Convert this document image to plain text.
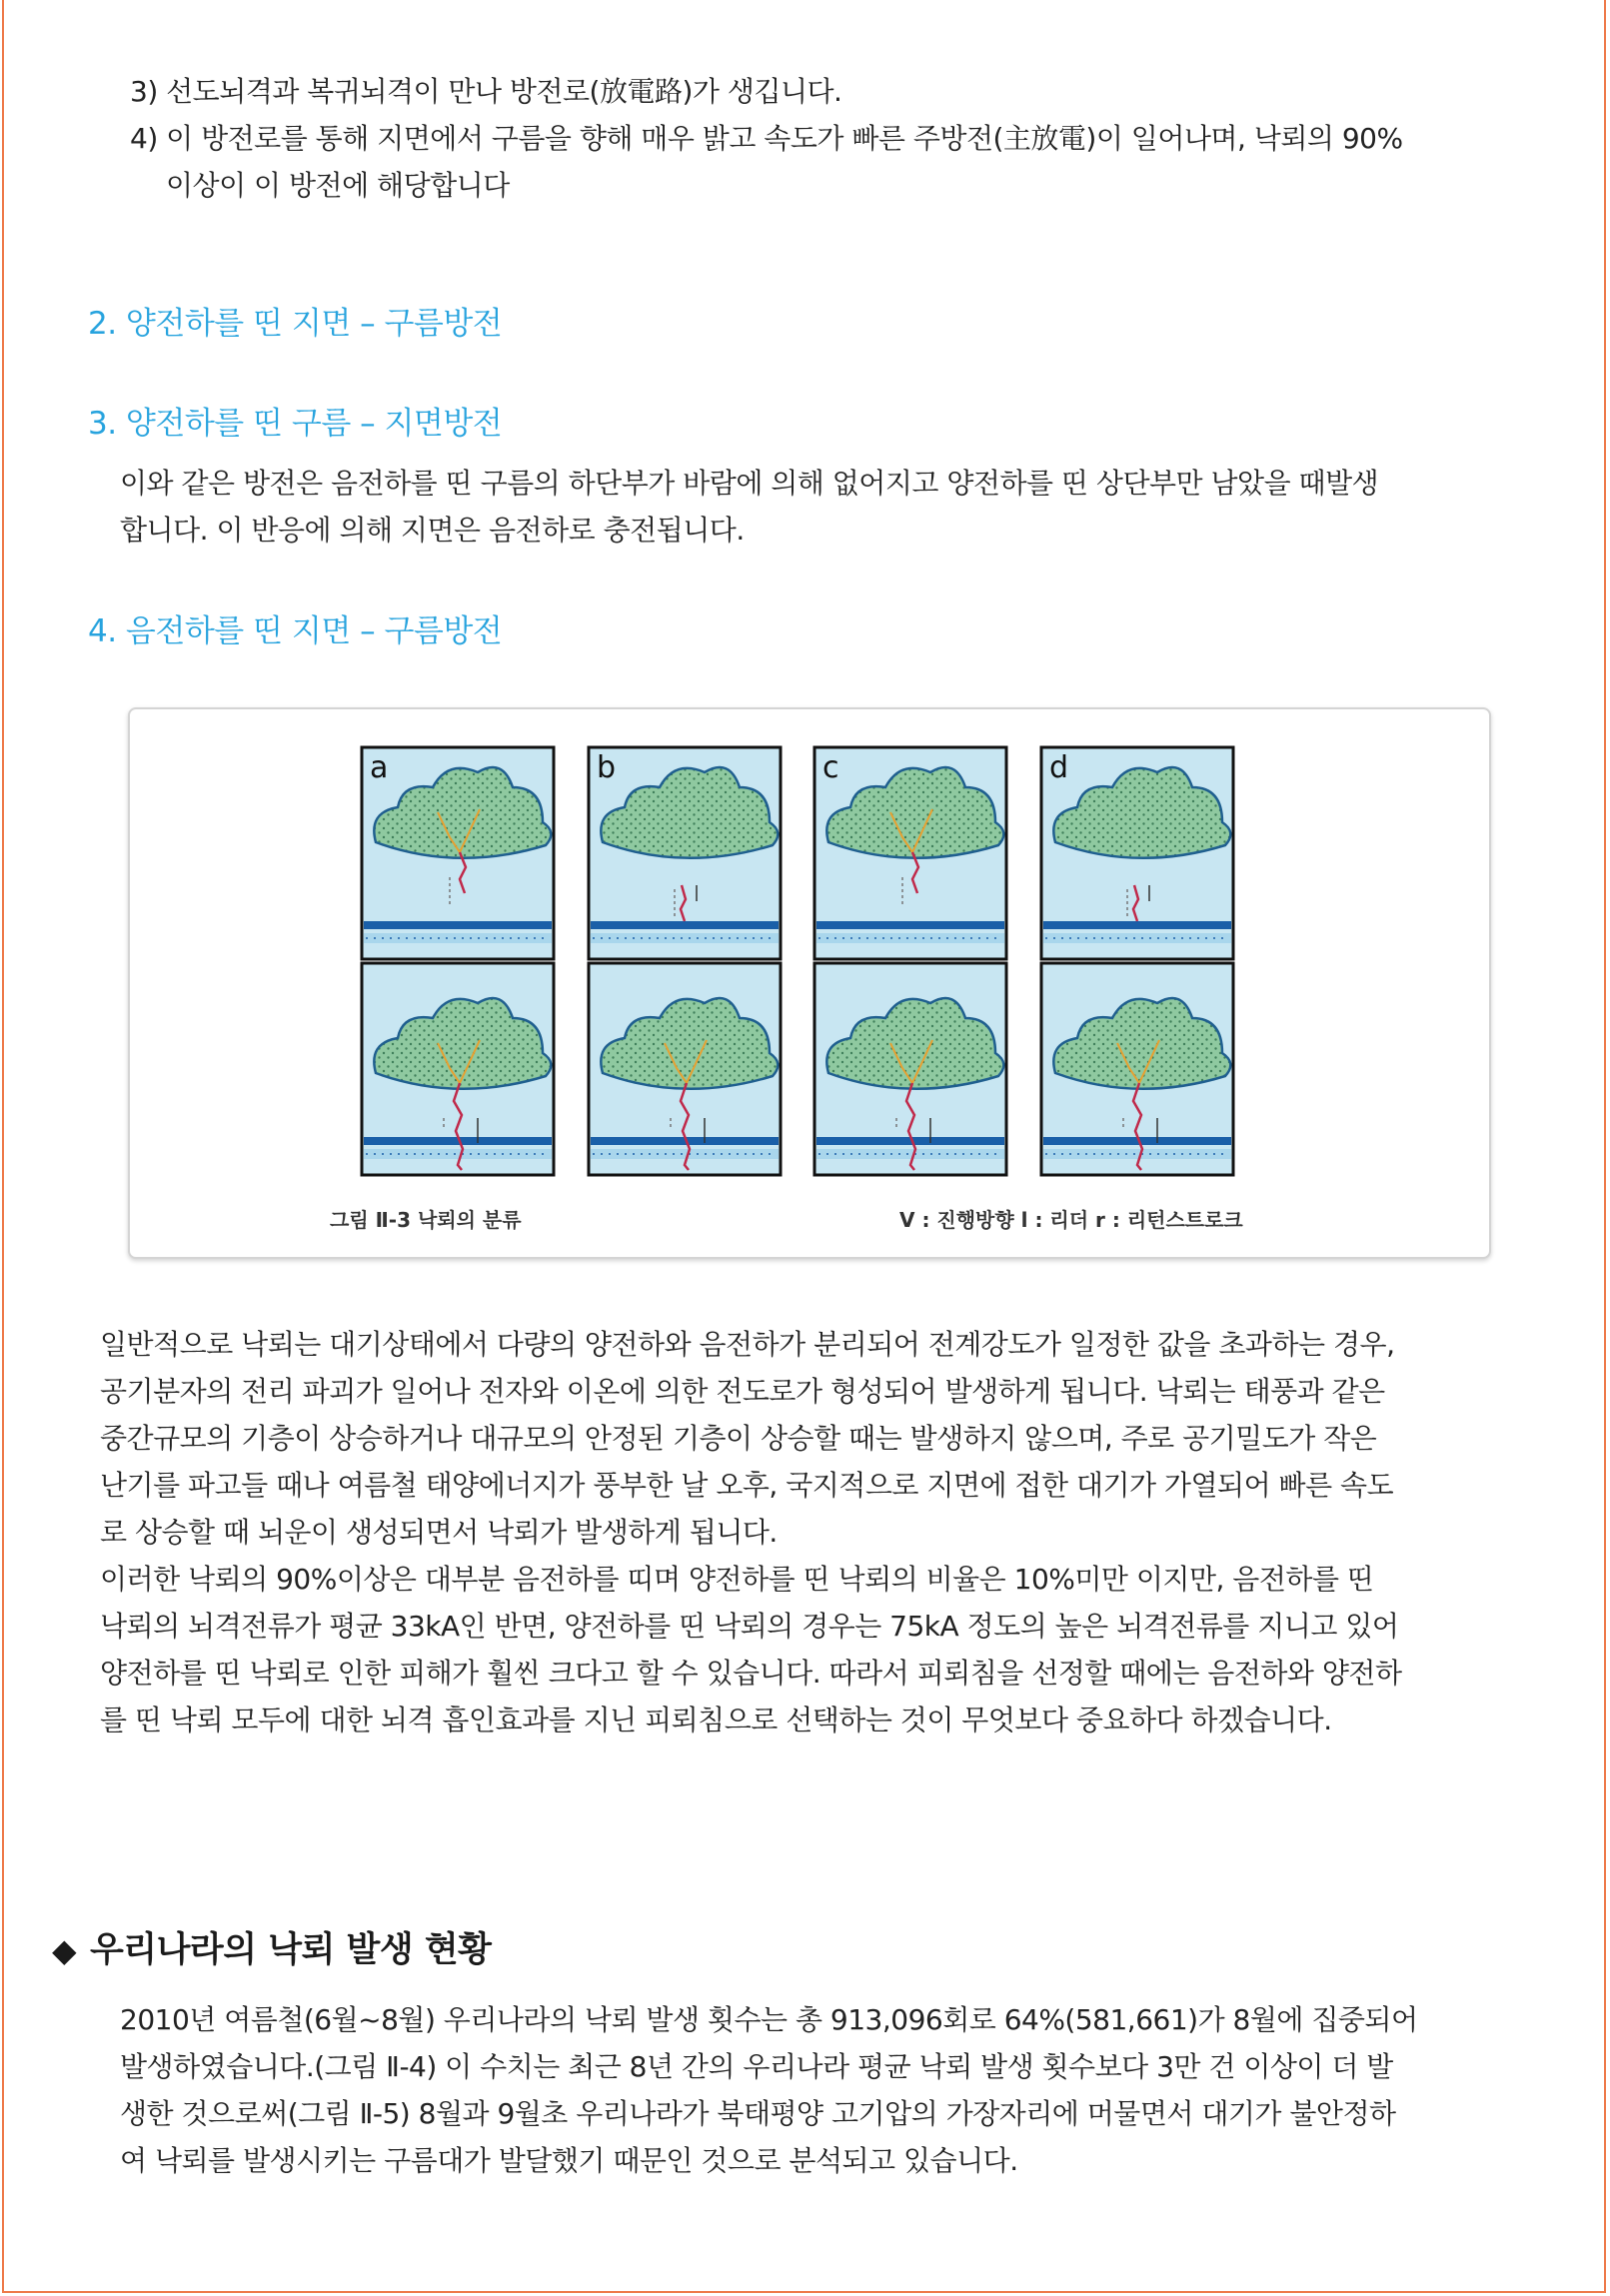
3) 선도뇌격과 복귀뇌격이 만나 방전로(放電路)가 생깁니다.
4) 이 방전로를 통해 지면에서 구름을 향해 매우 밝고 속도가 빠른 주방전(主放電)이 일어나며, 낙뢰의 90%
이상이 이 방전에 해당합니다

2. 양전하를 띤 지면 – 구름방전

3. 양전하를 띤 구름 – 지면방전

이와 같은 방전은 음전하를 띤 구름의 하단부가 바람에 의해 없어지고 양전하를 띤 상단부만 남았을 때발생
합니다. 이 반응에 의해 지면은 음전하로 충전됩니다.

4. 음전하를 띤 지면 – 구름방전

a	b	c	d
그림 Ⅱ-3 낙뢰의 분류	V : 진행방향 l : 리더 r : 리턴스트로크
일반적으로 낙뢰는 대기상태에서 다량의 양전하와 음전하가 분리되어 전계강도가 일정한 값을 초과하는 경우,
공기분자의 전리 파괴가 일어나 전자와 이온에 의한 전도로가 형성되어 발생하게 됩니다. 낙뢰는 태풍과 같은
중간규모의 기층이 상승하거나 대규모의 안정된 기층이 상승할 때는 발생하지 않으며, 주로 공기밀도가 작은
난기를 파고들 때나 여름철 태양에너지가 풍부한 날 오후, 국지적으로 지면에 접한 대기가 가열되어 빠른 속도
로 상승할 때 뇌운이 생성되면서 낙뢰가 발생하게 됩니다.
이러한 낙뢰의 90%이상은 대부분 음전하를 띠며 양전하를 띤 낙뢰의 비율은 10%미만 이지만, 음전하를 띤
낙뢰의 뇌격전류가 평균 33kA인 반면, 양전하를 띤 낙뢰의 경우는 75kA 정도의 높은 뇌격전류를 지니고 있어
양전하를 띤 낙뢰로 인한 피해가 훨씬 크다고 할 수 있습니다. 따라서 피뢰침을 선정할 때에는 음전하와 양전하
를 띤 낙뢰 모두에 대한 뇌격 흡인효과를 지닌 피뢰침으로 선택하는 것이 무엇보다 중요하다 하겠습니다.
◆ 우리나라의 낙뢰 발생 현황
2010년 여름철(6월~8월) 우리나라의 낙뢰 발생 횟수는 총 913,096회로 64%(581,661)가 8월에 집중되어
발생하였습니다.(그림 Ⅱ-4) 이 수치는 최근 8년 간의 우리나라 평균 낙뢰 발생 횟수보다 3만 건 이상이 더 발
생한 것으로써(그림 Ⅱ-5) 8월과 9월초 우리나라가 북태평양 고기압의 가장자리에 머물면서 대기가 불안정하
여 낙뢰를 발생시키는 구름대가 발달했기 때문인 것으로 분석되고 있습니다.
